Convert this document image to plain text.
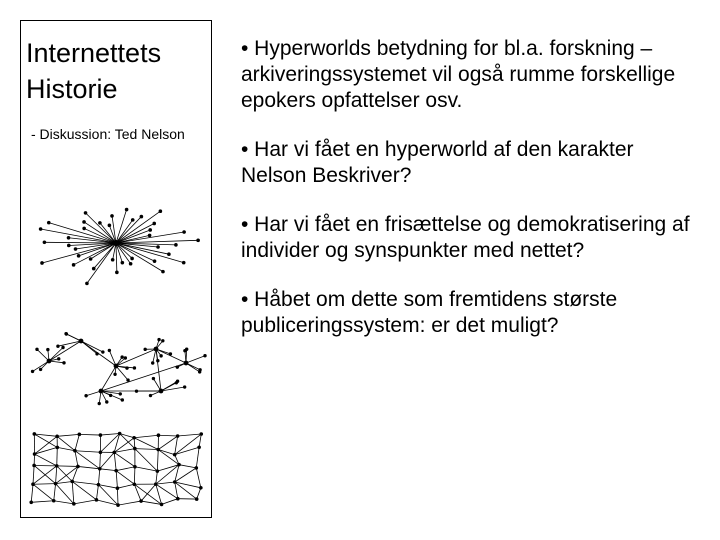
Internettets Historie
- Diskussion: Ted Nelson
• Hyperworlds betydning for bl.a. forskning – arkiveringssystemet vil også rumme forskellige epokers opfattelser osv.
• Har vi fået en hyperworld af den karakter Nelson Beskriver?
• Har vi fået en frisættelse og demokratisering af individer og synspunkter med nettet?
• Håbet om dette som fremtidens største publiceringssystem: er det muligt?
